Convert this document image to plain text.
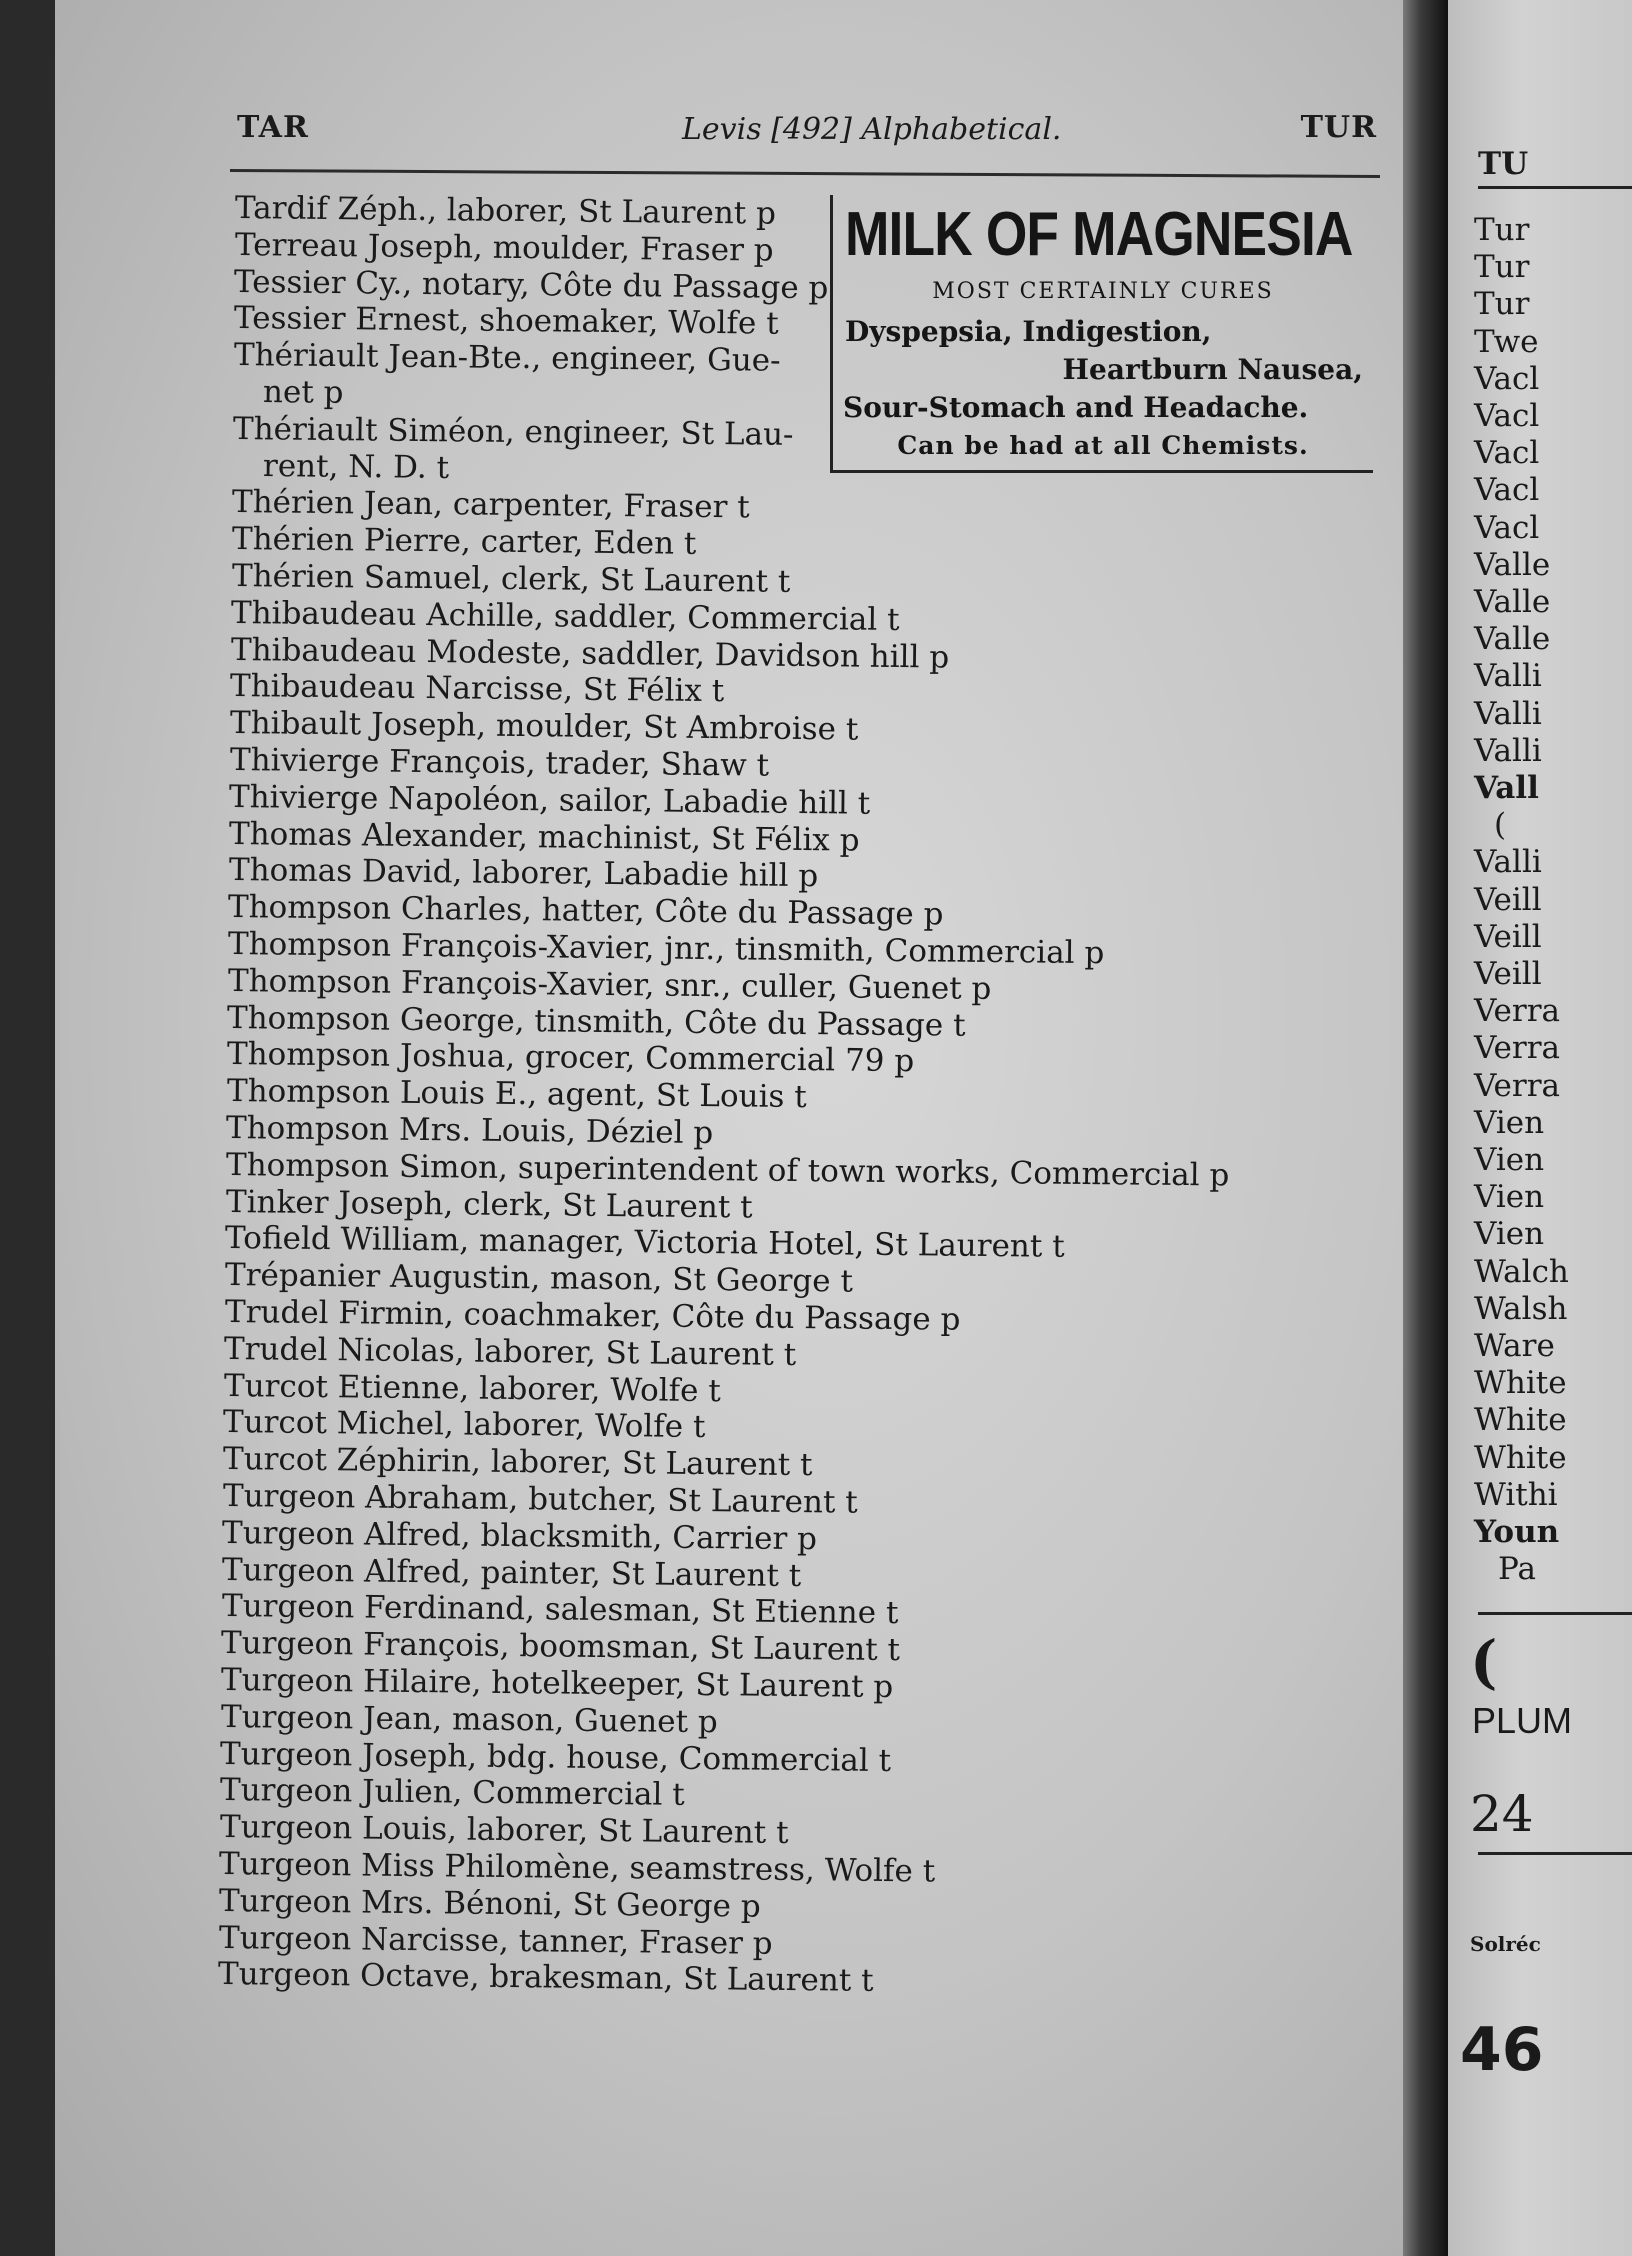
TAR	Levis [492] Alphabetical.	TUR
MILK OF MAGNESIA
MOST CERTAINLY CURES
Dyspepsia, Indigestion,
Heartburn Nausea,
Sour-Stomach and Headache.
Can be had at all Chemists.
Tardif Zéph., laborer, St Laurent p
Terreau Joseph, moulder, Fraser p
Tessier Cy., notary, Côte du Passage p
Tessier Ernest, shoemaker, Wolfe t
Thériault Jean-Bte., engineer, Gue-
net p
Thériault Siméon, engineer, St Lau-
rent, N. D. t
Thérien Jean, carpenter, Fraser t
Thérien Pierre, carter, Eden t
Thérien Samuel, clerk, St Laurent t
Thibaudeau Achille, saddler, Commercial t
Thibaudeau Modeste, saddler, Davidson hill p
Thibaudeau Narcisse, St Félix t
Thibault Joseph, moulder, St Ambroise t
Thivierge François, trader, Shaw t
Thivierge Napoléon, sailor, Labadie hill t
Thomas Alexander, machinist, St Félix p
Thomas David, laborer, Labadie hill p
Thompson Charles, hatter, Côte du Passage p
Thompson François-Xavier, jnr., tinsmith, Commercial p
Thompson François-Xavier, snr., culler, Guenet p
Thompson George, tinsmith, Côte du Passage t
Thompson Joshua, grocer, Commercial 79 p
Thompson Louis E., agent, St Louis t
Thompson Mrs. Louis, Déziel p
Thompson Simon, superintendent of town works, Commercial p
Tinker Joseph, clerk, St Laurent t
Tofield William, manager, Victoria Hotel, St Laurent t
Trépanier Augustin, mason, St George t
Trudel Firmin, coachmaker, Côte du Passage p
Trudel Nicolas, laborer, St Laurent t
Turcot Etienne, laborer, Wolfe t
Turcot Michel, laborer, Wolfe t
Turcot Zéphirin, laborer, St Laurent t
Turgeon Abraham, butcher, St Laurent t
Turgeon Alfred, blacksmith, Carrier p
Turgeon Alfred, painter, St Laurent t
Turgeon Ferdinand, salesman, St Etienne t
Turgeon François, boomsman, St Laurent t
Turgeon Hilaire, hotelkeeper, St Laurent p
Turgeon Jean, mason, Guenet p
Turgeon Joseph, bdg. house, Commercial t
Turgeon Julien, Commercial t
Turgeon Louis, laborer, St Laurent t
Turgeon Miss Philomène, seamstress, Wolfe t
Turgeon Mrs. Bénoni, St George p
Turgeon Narcisse, tanner, Fraser p
Turgeon Octave, brakesman, St Laurent t
TU
Tur
Tur
Tur
Twe
Vacl
Vacl
Vacl
Vacl
Vacl
Valle
Valle
Valle
Valli
Valli
Valli
Vall
(
Valli
Veill
Veill
Veill
Verra
Verra
Verra
Vien
Vien
Vien
Vien
Walch
Walsh
Ware
White
White
White
Withi
Youn
Pa
(
PLUM
24
Solréc
46
